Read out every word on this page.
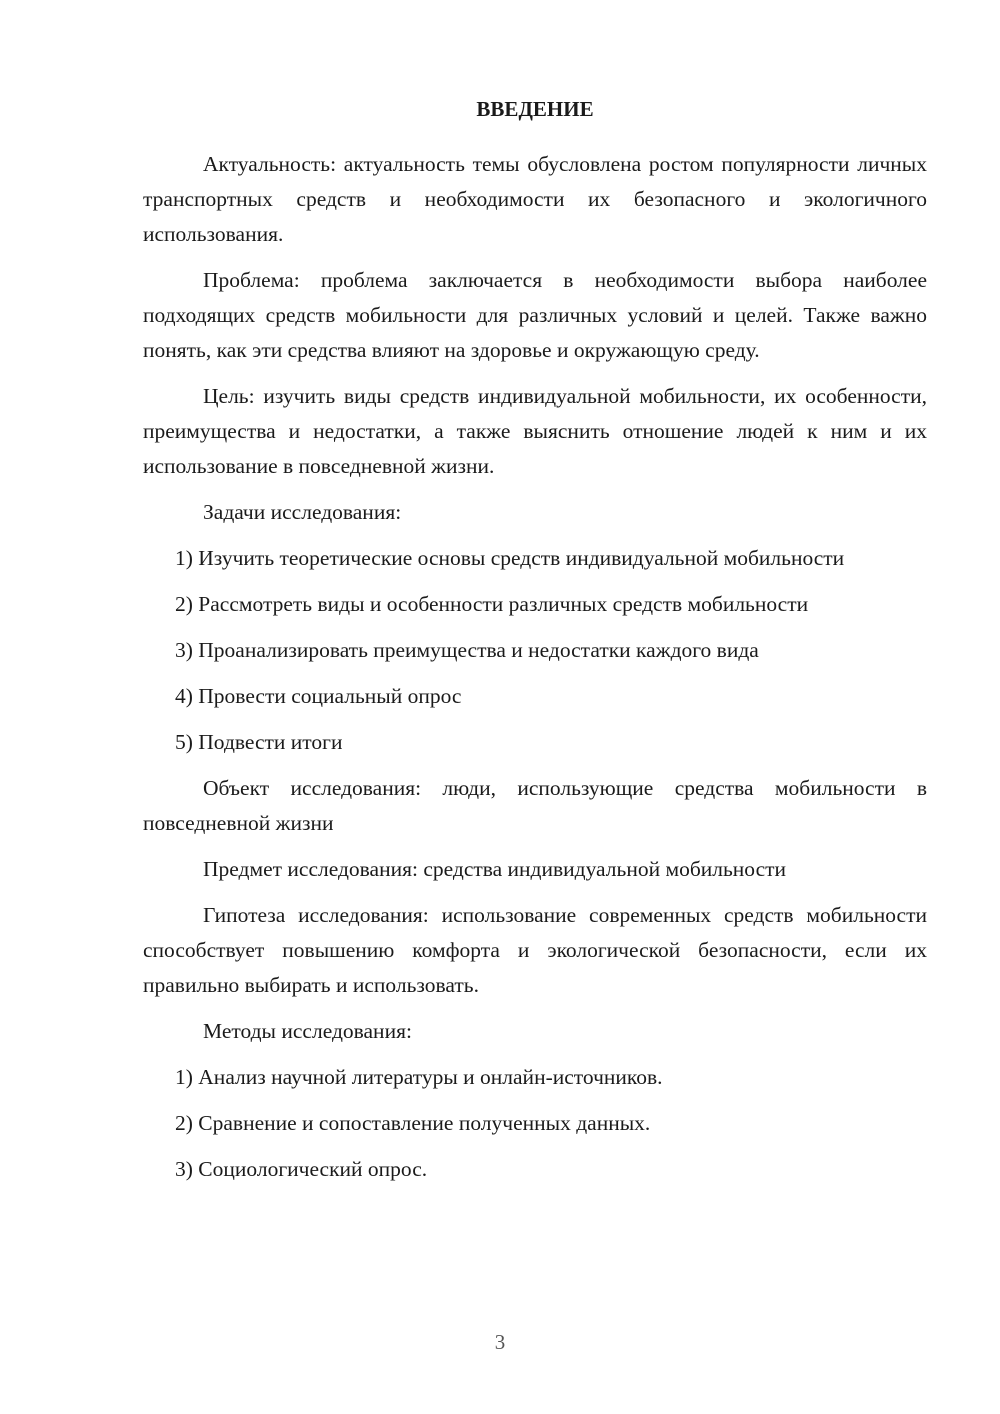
ВВЕДЕНИЕ

Актуальность: актуальность темы обусловлена ростом популярности личных транспортных средств и необходимости их безопасного и экологичного использования.

Проблема: проблема заключается в необходимости выбора наиболее подходящих средств мобильности для различных условий и целей. Также важно понять, как эти средства влияют на здоровье и окружающую среду.

Цель: изучить виды средств индивидуальной мобильности, их особенности, преимущества и недостатки, а также выяснить отношение людей к ним и их использование в повседневной жизни.

Задачи исследования:

1) Изучить теоретические основы средств индивидуальной мобильности

2) Рассмотреть виды и особенности различных средств мобильности

3) Проанализировать преимущества и недостатки каждого вида

4) Провести социальный опрос

5) Подвести итоги

Объект исследования: люди, использующие средства мобильности в повседневной жизни

Предмет исследования: средства индивидуальной мобильности

Гипотеза исследования: использование современных средств мобильности способствует повышению комфорта и экологической безопасности, если их правильно выбирать и использовать.

Методы исследования:

1) Анализ научной литературы и онлайн-источников.

2) Сравнение и сопоставление полученных данных.

3) Социологический опрос.

3
